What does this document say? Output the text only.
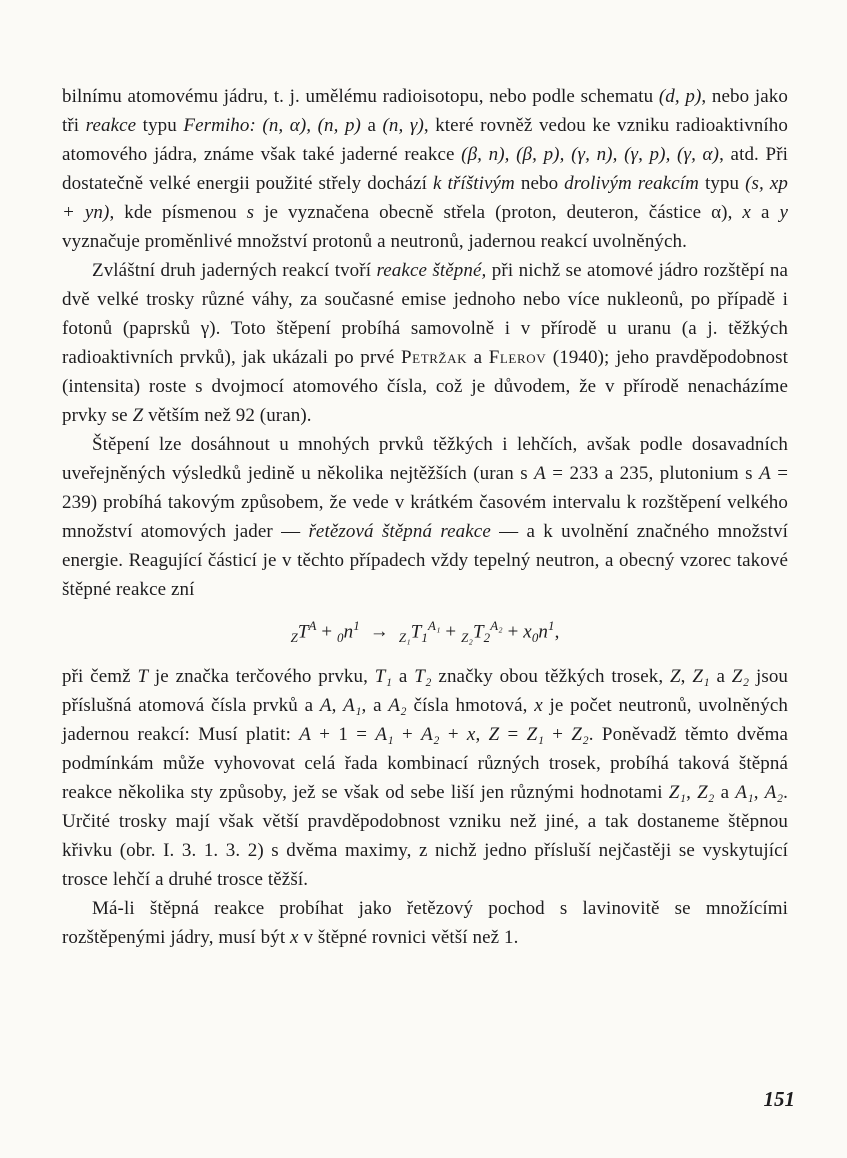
bilnímu atomovému jádru, t. j. umělému radioisotopu, nebo podle schematu (d, p), nebo jako tři reakce typu Fermiho: (n, α), (n, p) a (n, γ), které rovněž vedou ke vzniku radioaktivního atomového jádra, známe však také jaderné reakce (β, n), (β, p), (γ, n), (γ, p), (γ, α), atd. Při dostatečně velké energii použité střely dochází k tříštivým nebo drolivým reakcím typu (s, xp + yn), kde písmenou s je vyznačena obecně střela (proton, deuteron, částice α), x a y vyznačuje proměnlivé množství protonů a neutronů, jadernou reakcí uvolněných.

Zvláštní druh jaderných reakcí tvoří reakce štěpné, při nichž se atomové jádro rozštěpí na dvě velké trosky různé váhy, za současné emise jednoho nebo více nukleonů, po případě i fotonů (paprsků γ). Toto štěpení probíhá samovolně i v přírodě u uranu (a j. těžkých radioaktivních prvků), jak ukázali po prvé Petržak a Flerov (1940); jeho pravděpodobnost (intensita) roste s dvojmocí atomového čísla, což je důvodem, že v přírodě nenacházíme prvky se Z větším než 92 (uran).

Štěpení lze dosáhnout u mnohých prvků těžkých i lehčích, avšak podle dosavadních uveřejněných výsledků jedině u několika nejtěžších (uran s A = 233 a 235, plutonium s A = 239) probíhá takovým způsobem, že vede v krátkém časovém intervalu k rozštěpení velkého množství atomových jader — řetězová štěpná reakce — a k uvolnění značného množství energie. Reagující částicí je v těchto případech vždy tepelný neutron, a obecný vzorec takové štěpné reakce zní

$_ZT^A + _0n^1 \to _{Z_1}T_1^{A_1} + _{Z_2}T_2^{A_2} + x_0n^1$,

při čemž T je značka terčového prvku, T₁ a T₂ značky obou těžkých trosek, Z, Z₁ a Z₂ jsou příslušná atomová čísla prvků a A, A₁, a A₂ čísla hmotová, x je počet neutronů, uvolněných jadernou reakcí: Musí platit: A + 1 = A₁ + A₂ + x, Z = Z₁ + Z₂. Poněvadž těmto dvěma podmínkám může vyhovovat celá řada kombinací různých trosek, probíhá taková štěpná reakce několika sty způsoby, jež se však od sebe liší jen různými hodnotami Z₁, Z₂ a A₁, A₂. Určité trosky mají však větší pravděpodobnost vzniku než jiné, a tak dostaneme štěpnou křivku (obr. I. 3. 1. 3. 2) s dvěma maximy, z nichž jedno přísluší nejčastěji se vyskytující trosce lehčí a druhé trosce těžší.

Má-li štěpná reakce probíhat jako řetězový pochod s lavinovitě se množícími rozštěpenými jádry, musí být x v štěpné rovnici větší než 1.

151
